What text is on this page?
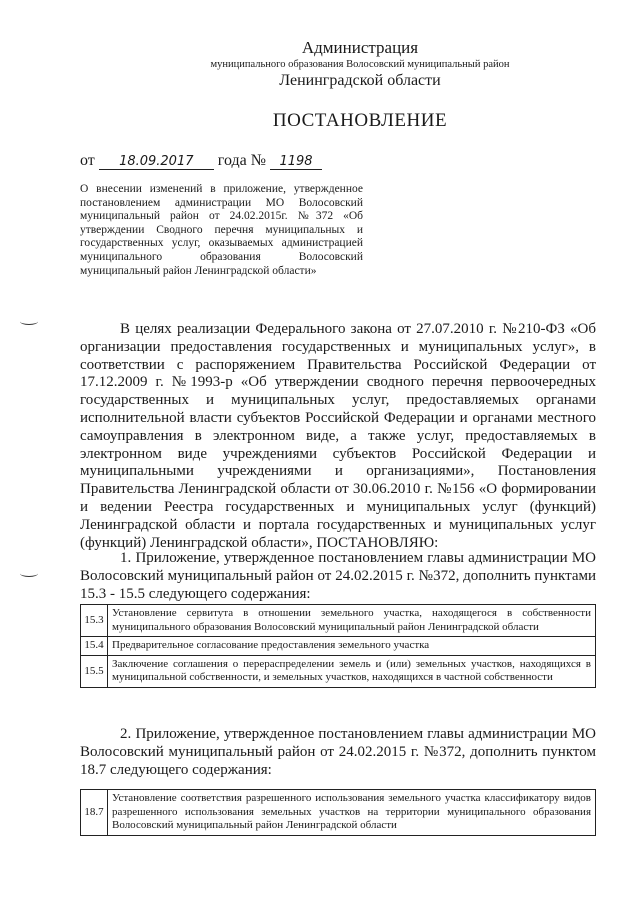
Администрация
муниципального образования Волосовский муниципальный район
Ленинградской области
ПОСТАНОВЛЕНИЕ
от 18.09.2017 года № 1198

О внесении изменений в приложение, утвержденное постановлением администрации МО Волосовский муниципальный район от 24.02.2015г. №372 «Об утверждении Сводного перечня муниципальных и государственных услуг, оказываемых администрацией муниципального образования Волосовский муниципальный район Ленинградской области»

В целях реализации Федерального закона от 27.07.2010 г. №210-ФЗ «Об организации предоставления государственных и муниципальных услуг», в соответствии с распоряжением Правительства Российской Федерации от 17.12.2009 г. №1993-р «Об утверждении сводного перечня первоочередных государственных и муниципальных услуг, предоставляемых органами исполнительной власти субъектов Российской Федерации и органами местного самоуправления в электронном виде, а также услуг, предоставляемых в электронном виде учреждениями субъектов Российской Федерации и муниципальными учреждениями и организациями», Постановления Правительства Ленинградской области от 30.06.2010 г. №156 «О формировании и ведении Реестра государственных и муниципальных услуг (функций) Ленинградской области и портала государственных и муниципальных услуг (функций) Ленинградской области», ПОСТАНОВЛЯЮ:

1. Приложение, утвержденное постановлением главы администрации МО Волосовский муниципальный район от 24.02.2015 г. №372, дополнить пунктами 15.3 - 15.5 следующего содержания:

15.3	Установление сервитута в отношении земельного участка, находящегося в собственности муниципального образования Волосовский муниципальный район Ленинградской области
15.4	Предварительное согласование предоставления земельного участка
15.5	Заключение соглашения о перераспределении земель и (или) земельных участков, находящихся в муниципальной собственности, и земельных участков, находящихся в частной собственности

2. Приложение, утвержденное постановлением главы администрации МО Волосовский муниципальный район от 24.02.2015 г. №372, дополнить пунктом 18.7 следующего содержания:

18.7	Установление соответствия разрешенного использования земельного участка классификатору видов разрешенного использования земельных участков на территории муниципального образования Волосовский муниципальный район Ленинградской области
